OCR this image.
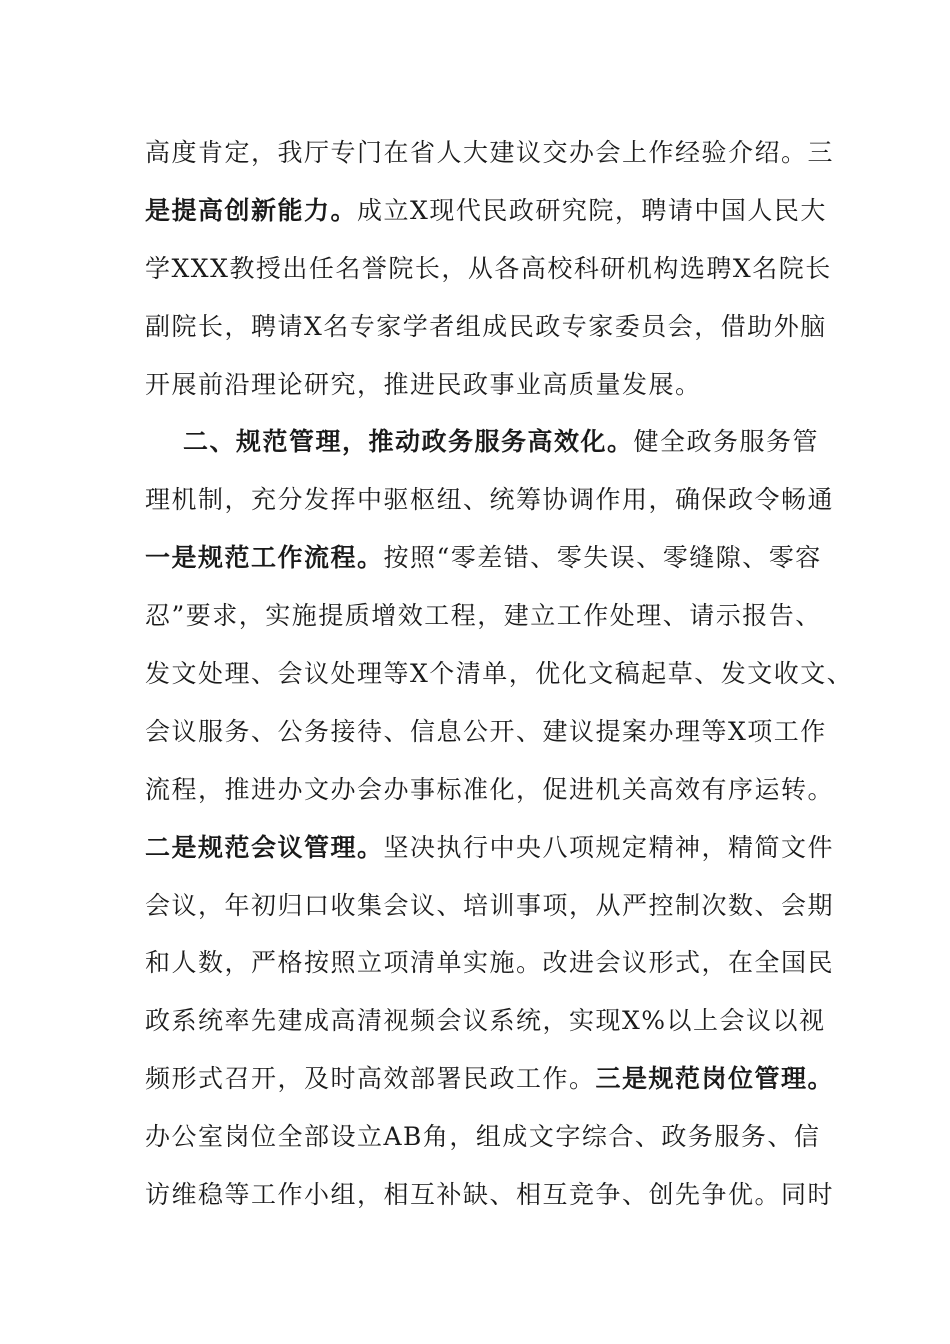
高度肯定，我厅专门在省人大建议交办会上作经验介绍。三
是提高创新能力。成立X现代民政研究院，聘请中国人民大
学XXX教授出任名誉院长，从各高校科研机构选聘X名院长
副院长，聘请X名专家学者组成民政专家委员会，借助外脑
开展前沿理论研究，推进民政事业高质量发展。
二、规范管理，推动政务服务高效化。健全政务服务管
理机制，充分发挥中驱枢纽、统筹协调作用，确保政令畅通
一是规范工作流程。按照“零差错、零失误、零缝隙、零容
忍”要求，实施提质增效工程，建立工作处理、请示报告、
发文处理、会议处理等X个清单，优化文稿起草、发文收文、
会议服务、公务接待、信息公开、建议提案办理等X项工作
流程，推进办文办会办事标准化，促进机关高效有序运转。
二是规范会议管理。坚决执行中央八项规定精神，精简文件
会议，年初归口收集会议、培训事项，从严控制次数、会期
和人数，严格按照立项清单实施。改进会议形式，在全国民
政系统率先建成高清视频会议系统，实现X%以上会议以视
频形式召开，及时高效部署民政工作。三是规范岗位管理。
办公室岗位全部设立AB角，组成文字综合、政务服务、信
访维稳等工作小组，相互补缺、相互竞争、创先争优。同时
